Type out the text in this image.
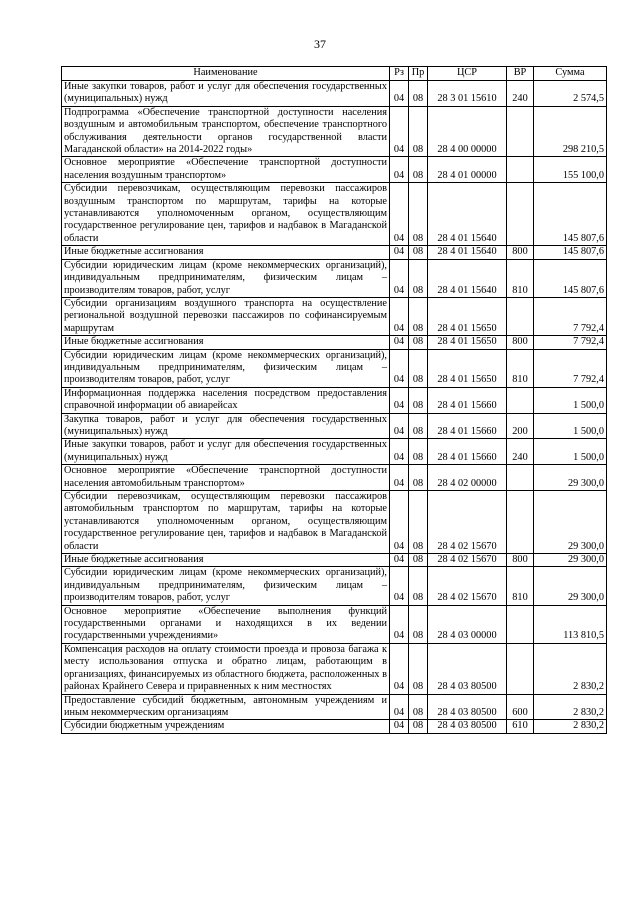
37
Наименование	Рз	Пр	ЦСР	ВР	Сумма
Иные закупки товаров, работ и услуг для обеспечения государственных (муниципальных) нужд	04	08	28 3 01 15610	240	2 574,5
Подпрограмма «Обеспечение транспортной доступности населения воздушным и автомобильным транспортом, обеспечение транспортного обслуживания деятельности органов государственной власти Магаданской области» на 2014-2022 годы»	04	08	28 4 00 00000		298 210,5
Основное мероприятие «Обеспечение транспортной доступности населения воздушным транспортом»	04	08	28 4 01 00000		155 100,0
Субсидии перевозчикам, осуществляющим перевозки пассажиров воздушным транспортом по маршрутам, тарифы на которые устанавливаются уполномоченным органом, осуществляющим государственное регулирование цен, тарифов и надбавок в Магаданской области	04	08	28 4 01 15640		145 807,6
Иные бюджетные ассигнования	04	08	28 4 01 15640	800	145 807,6
Субсидии юридическим лицам (кроме некоммерческих организаций), индивидуальным предпринимателям, физическим лицам – производителям товаров, работ, услуг	04	08	28 4 01 15640	810	145 807,6
Субсидии организациям воздушного транспорта на осуществление региональной воздушной перевозки пассажиров по софинансируемым маршрутам	04	08	28 4 01 15650		7 792,4
Иные бюджетные ассигнования	04	08	28 4 01 15650	800	7 792,4
Субсидии юридическим лицам (кроме некоммерческих организаций), индивидуальным предпринимателям, физическим лицам – производителям товаров, работ, услуг	04	08	28 4 01 15650	810	7 792,4
Информационная поддержка населения посредством предоставления справочной информации об авиарейсах	04	08	28 4 01 15660		1 500,0
Закупка товаров, работ и услуг для обеспечения государственных (муниципальных) нужд	04	08	28 4 01 15660	200	1 500,0
Иные закупки товаров, работ и услуг для обеспечения государственных (муниципальных) нужд	04	08	28 4 01 15660	240	1 500,0
Основное мероприятие «Обеспечение транспортной доступности населения автомобильным транспортом»	04	08	28 4 02 00000		29 300,0
Субсидии перевозчикам, осуществляющим перевозки пассажиров автомобильным транспортом по маршрутам, тарифы на которые устанавливаются уполномоченным органом, осуществляющим государственное регулирование цен, тарифов и надбавок в Магаданской области	04	08	28 4 02 15670		29 300,0
Иные бюджетные ассигнования	04	08	28 4 02 15670	800	29 300,0
Субсидии юридическим лицам (кроме некоммерческих организаций), индивидуальным предпринимателям, физическим лицам – производителям товаров, работ, услуг	04	08	28 4 02 15670	810	29 300,0
Основное мероприятие «Обеспечение выполнения функций государственными органами и находящихся в их ведении государственными учреждениями»	04	08	28 4 03 00000		113 810,5
Компенсация расходов на оплату стоимости проезда и провоза багажа к месту использования отпуска и обратно лицам, работающим в организациях, финансируемых из областного бюджета, расположенных в районах Крайнего Севера и приравненных к ним местностях	04	08	28 4 03 80500		2 830,2
Предоставление субсидий бюджетным, автономным учреждениям и иным некоммерческим организациям	04	08	28 4 03 80500	600	2 830,2
Субсидии бюджетным учреждениям	04	08	28 4 03 80500	610	2 830,2
